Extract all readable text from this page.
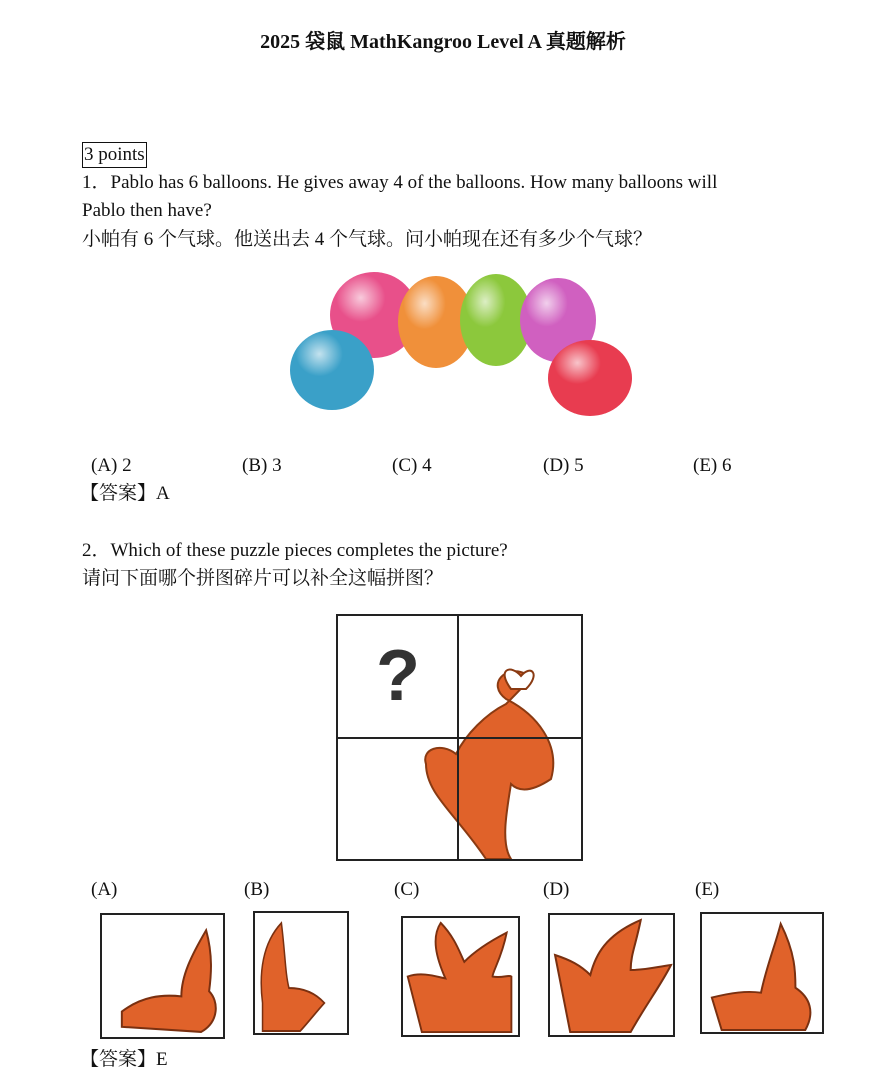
2025 袋鼠 MathKangroo Level A 真题解析
3 points
1．Pablo has 6 balloons. He gives away 4 of the balloons. How many balloons will
Pablo then have?
小帕有 6 个气球。他送出去 4 个气球。问小帕现在还有多少个气球？
(A) 2	(B) 3	(C) 4	(D) 5	(E) 6
【答案】A
2．Which of these puzzle pieces completes the picture?
请问下面哪个拼图碎片可以补全这幅拼图？
?
(A)	(B)	(C)	(D)	(E)
【答案】E
